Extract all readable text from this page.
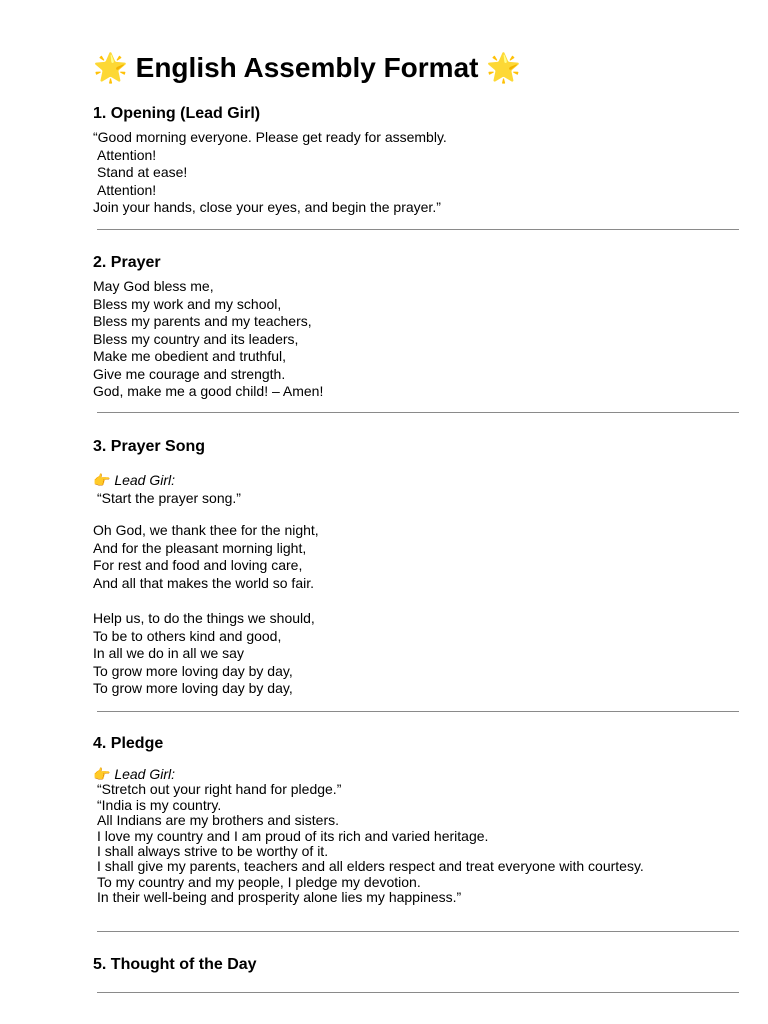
🌟 English Assembly Format 🌟
1. Opening (Lead Girl)
“Good morning everyone. Please get ready for assembly.
Attention!
Stand at ease!
Attention!
Join your hands, close your eyes, and begin the prayer.”
2. Prayer
May God bless me,
Bless my work and my school,
Bless my parents and my teachers,
Bless my country and its leaders,
Make me obedient and truthful,
Give me courage and strength.
God, make me a good child! – Amen!
3. Prayer Song
👉 Lead Girl:
“Start the prayer song.”
Oh God, we thank thee for the night,
And for the pleasant morning light,
For rest and food and loving care,
And all that makes the world so fair.
Help us, to do the things we should,
To be to others kind and good,
In all we do in all we say
To grow more loving day by day,
To grow more loving day by day,
4. Pledge
👉 Lead Girl:
“Stretch out your right hand for pledge.”
“India is my country.
All Indians are my brothers and sisters.
I love my country and I am proud of its rich and varied heritage.
I shall always strive to be worthy of it.
I shall give my parents, teachers and all elders respect and treat everyone with courtesy.
To my country and my people, I pledge my devotion.
In their well-being and prosperity alone lies my happiness.”
5. Thought of the Day
